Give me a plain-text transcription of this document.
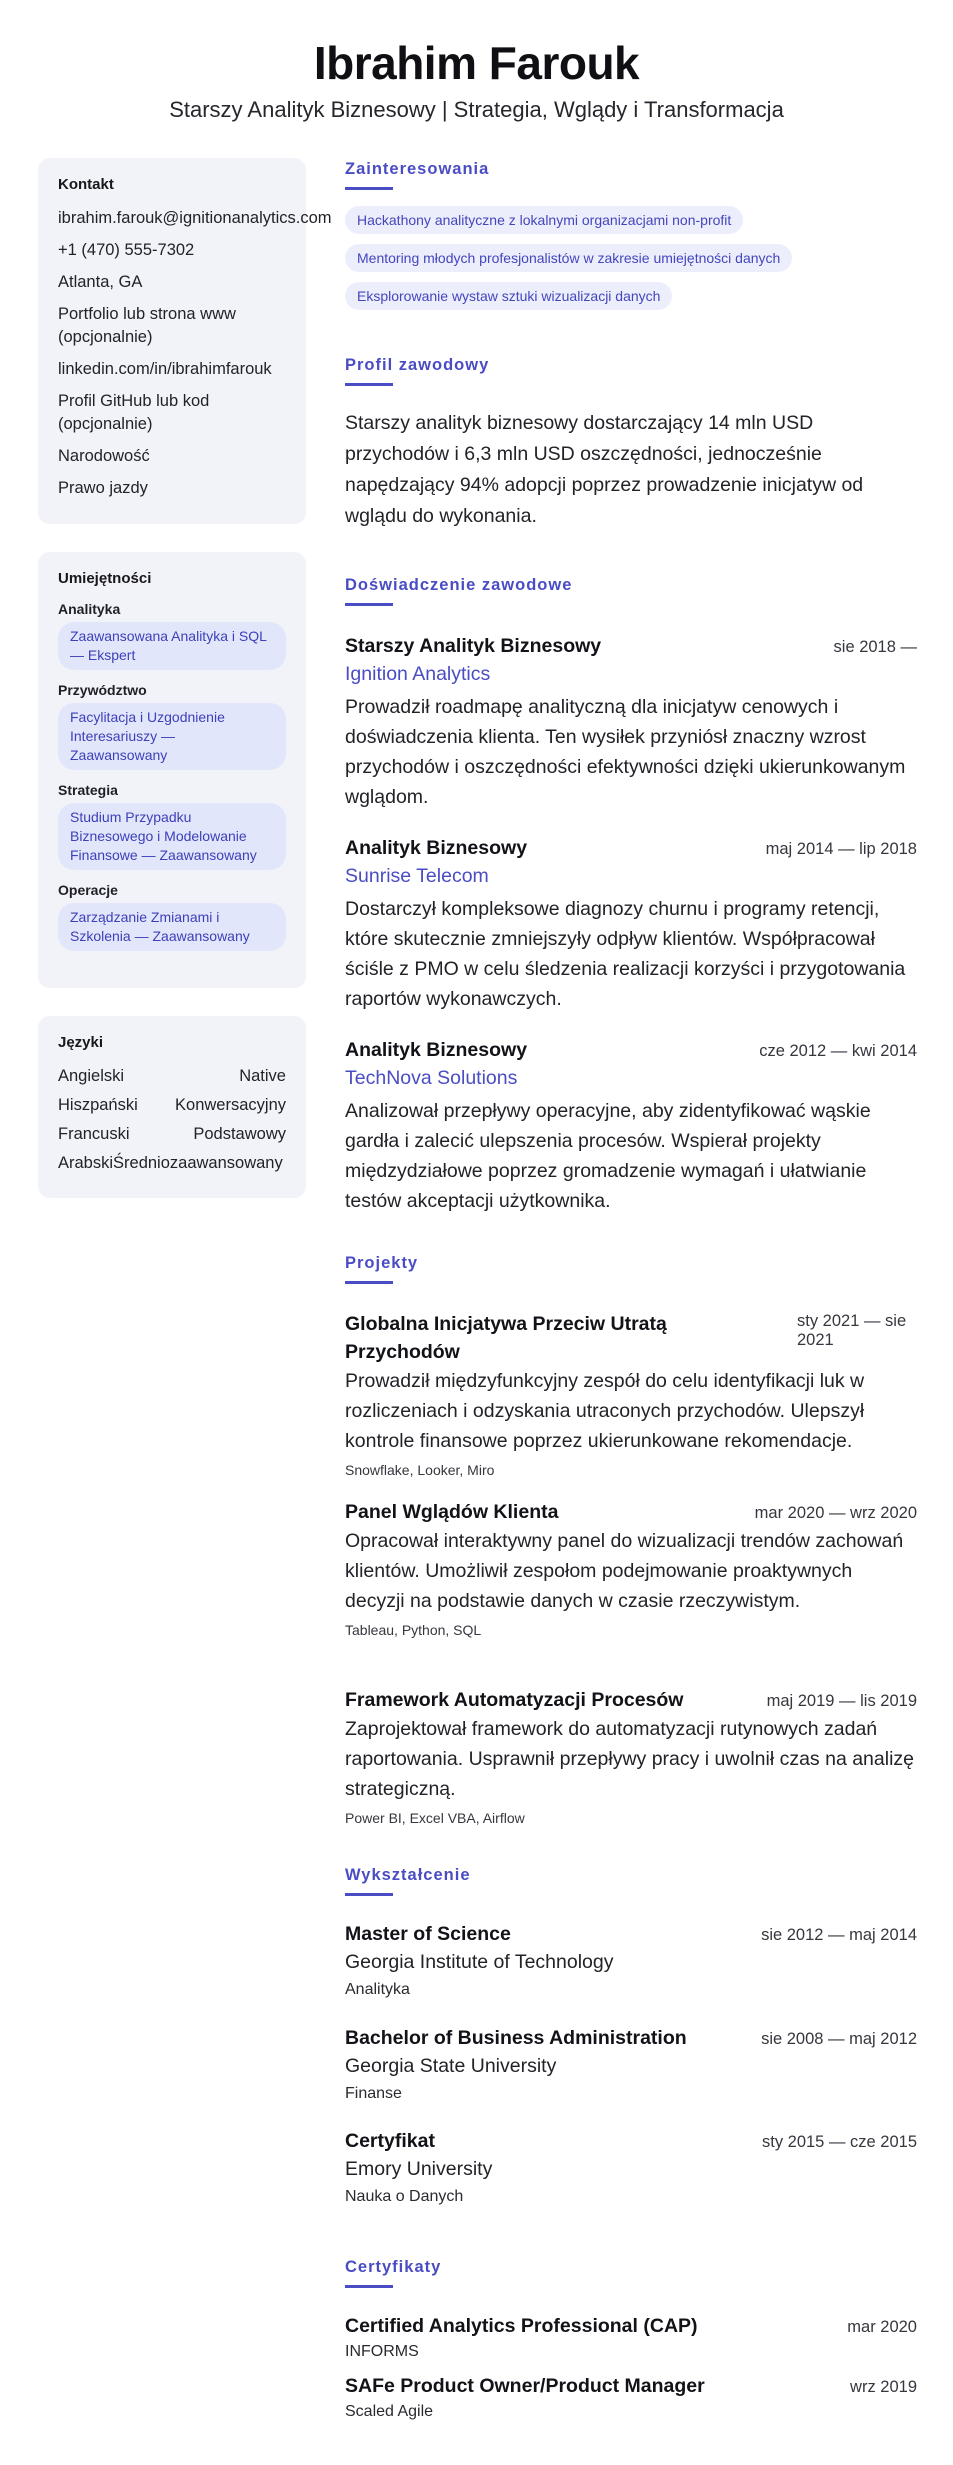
Ibrahim Farouk
Starszy Analityk Biznesowy | Strategia, Wglądy i Transformacja
Kontakt
ibrahim.farouk@ignitionanalytics.com
+1 (470) 555-7302
Atlanta, GA
Portfolio lub strona www (opcjonalnie)
linkedin.com/in/ibrahimfarouk
Profil GitHub lub kod (opcjonalnie)
Narodowość
Prawo jazdy
Umiejętności
Analityka
Zaawansowana Analityka i SQL — Ekspert
Przywództwo
Facylitacja i Uzgodnienie Interesariuszy — Zaawansowany
Strategia
Studium Przypadku Biznesowego i Modelowanie Finansowe — Zaawansowany
Operacje
Zarządzanie Zmianami i Szkolenia — Zaawansowany
Języki
Angielski	Native
Hiszpański Konwersacyjny
Francuski	Podstawowy
Arabski Średniozaawansowany
Zainteresowania
Hackathony analityczne z lokalnymi organizacjami non-profit
Mentoring młodych profesjonalistów w zakresie umiejętności danych
Eksplorowanie wystaw sztuki wizualizacji danych
Profil zawodowy
Starszy analityk biznesowy dostarczający 14 mln USD przychodów i 6,3 mln USD oszczędności, jednocześnie napędzający 94% adopcji poprzez prowadzenie inicjatyw od wglądu do wykonania.
Doświadczenie zawodowe
Starszy Analityk Biznesowy	sie 2018 —
Ignition Analytics
Prowadził roadmapę analityczną dla inicjatyw cenowych i doświadczenia klienta. Ten wysiłek przyniósł znaczny wzrost przychodów i oszczędności efektywności dzięki ukierunkowanym wglądom.
Analityk Biznesowy	maj 2014 — lip 2018
Sunrise Telecom
Dostarczył kompleksowe diagnozy churnu i programy retencji, które skutecznie zmniejszyły odpływ klientów. Współpracował ściśle z PMO w celu śledzenia realizacji korzyści i przygotowania raportów wykonawczych.
Analityk Biznesowy	cze 2012 — kwi 2014
TechNova Solutions
Analizował przepływy operacyjne, aby zidentyfikować wąskie gardła i zalecić ulepszenia procesów. Wspierał projekty międzydziałowe poprzez gromadzenie wymagań i ułatwianie testów akceptacji użytkownika.
Projekty
Globalna Inicjatywa Przeciw Utratą Przychodów
sty 2021 — sie 2021
Prowadził międzyfunkcyjny zespół do celu identyfikacji luk w rozliczeniach i odzyskania utraconych przychodów. Ulepszył kontrole finansowe poprzez ukierunkowane rekomendacje.
Snowflake, Looker, Miro
Panel Wglądów Klienta	mar 2020 — wrz 2020
Opracował interaktywny panel do wizualizacji trendów zachowań klientów. Umożliwił zespołom podejmowanie proaktywnych decyzji na podstawie danych w czasie rzeczywistym.
Tableau, Python, SQL
Framework Automatyzacji Procesów	maj 2019 — lis 2019
Zaprojektował framework do automatyzacji rutynowych zadań raportowania. Usprawnił przepływy pracy i uwolnił czas na analizę strategiczną.
Power BI, Excel VBA, Airflow
Wykształcenie
Master of Science	sie 2012 — maj 2014
Georgia Institute of Technology
Analityka
Bachelor of Business Administration	sie 2008 — maj 2012
Georgia State University
Finanse
Certyfikat	sty 2015 — cze 2015
Emory University
Nauka o Danych
Certyfikaty
Certified Analytics Professional (CAP)	mar 2020
INFORMS
SAFe Product Owner/Product Manager	wrz 2019
Scaled Agile
